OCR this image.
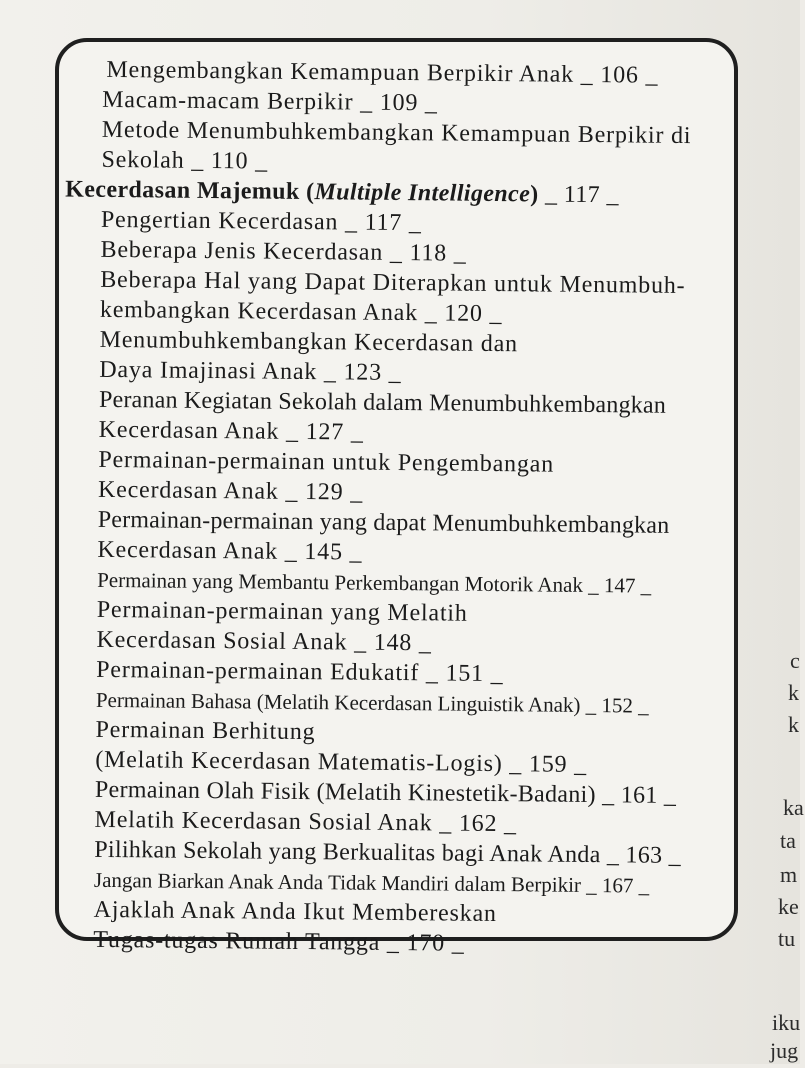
Mengembangkan Kemampuan Berpikir Anak _ 106 _
Macam-macam Berpikir _ 109 _
Metode Menumbuhkembangkan Kemampuan Berpikir di
Sekolah _ 110 _
Kecerdasan Majemuk (Multiple Intelligence) _ 117 _
Pengertian Kecerdasan _ 117 _
Beberapa Jenis Kecerdasan _ 118 _
Beberapa Hal yang Dapat Diterapkan untuk Menumbuh-
kembangkan Kecerdasan Anak _ 120 _
Menumbuhkembangkan Kecerdasan dan
Daya Imajinasi Anak _ 123 _
Peranan Kegiatan Sekolah dalam Menumbuhkembangkan
Kecerdasan Anak _ 127 _
Permainan-permainan untuk Pengembangan
Kecerdasan Anak _ 129 _
Permainan-permainan yang dapat Menumbuhkembangkan
Kecerdasan Anak _ 145 _
Permainan yang Membantu Perkembangan Motorik Anak _ 147 _
Permainan-permainan yang Melatih
Kecerdasan Sosial Anak _ 148 _
Permainan-permainan Edukatif _ 151 _
Permainan Bahasa (Melatih Kecerdasan Linguistik Anak) _ 152 _
Permainan Berhitung
(Melatih Kecerdasan Matematis-Logis) _ 159 _
Permainan Olah Fisik (Melatih Kinestetik-Badani) _ 161 _
Melatih Kecerdasan Sosial Anak _ 162 _
Pilihkan Sekolah yang Berkualitas bagi Anak Anda _ 163 _
Jangan Biarkan Anak Anda Tidak Mandiri dalam Berpikir _ 167 _
Ajaklah Anak Anda Ikut Membereskan
Tugas-tugas Rumah Tangga _ 170 _
c
k
k
ka
ta
m
ke
tu
iku
jug
